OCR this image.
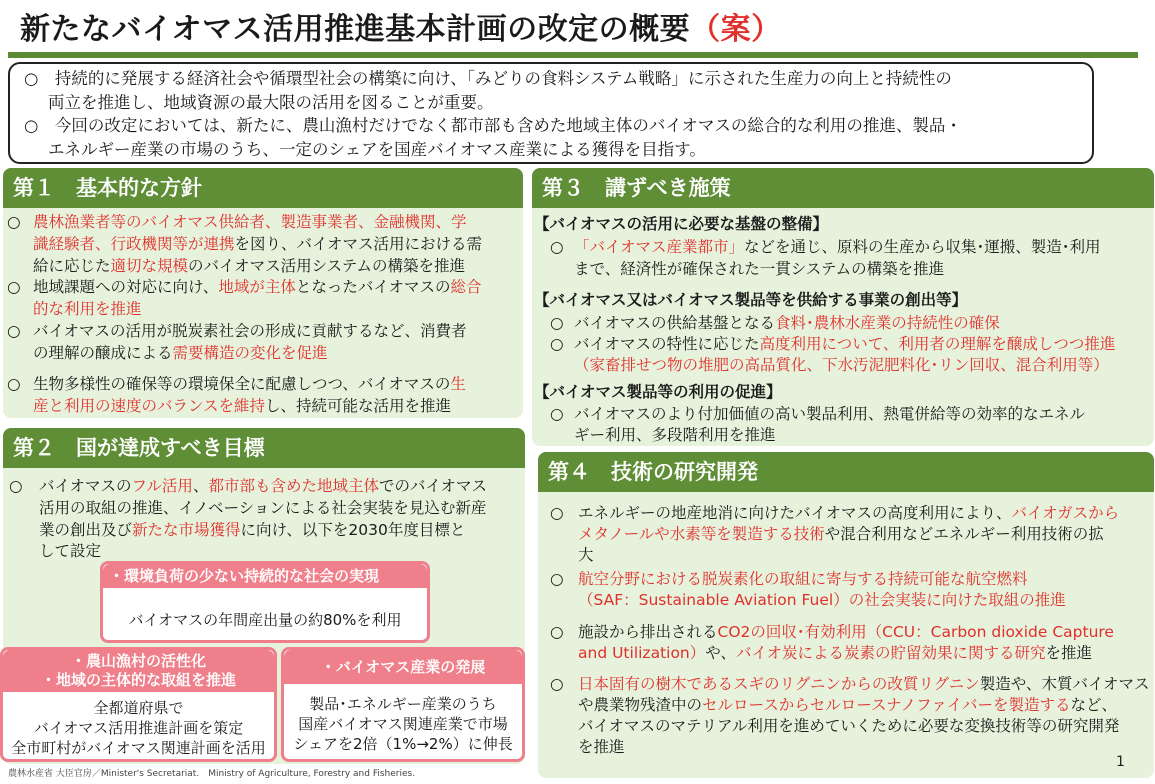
新たなバイオマス活用推進基本計画の改定の概要（案）

○　持続的に発展する経済社会や循環型社会の構築に向け、「みどりの食料システム戦略」に示された生産力の向上と持続性の

両立を推進し、地域資源の最大限の活用を図ることが重要。

○　今回の改定においては、新たに、農山漁村だけでなく都市部も含めた地域主体のバイオマスの総合的な利用の推進、製品・

エネルギー産業の市場のうち、一定のシェアを国産バイオマス産業による獲得を目指す。

第１　基本的な方針
○ 農林漁業者等のバイオマス供給者、製造事業者、金融機関、学
識経験者、行政機関等が連携を図り、バイオマス活用における需
給に応じた適切な規模のバイオマス活用システムの構築を推進
○ 地域課題への対応に向け、地域が主体となったバイオマスの総合
的な利用を推進
○ バイオマスの活用が脱炭素社会の形成に貢献するなど、消費者
の理解の醸成による需要構造の変化を促進
○ 生物多様性の確保等の環境保全に配慮しつつ、バイオマスの生
産と利用の速度のバランスを維持し、持続可能な活用を推進
第２　国が達成すべき目標
○ バイオマスのフル活用、都市部も含めた地域主体でのバイオマス
活用の取組の推進、イノベーションによる社会実装を見込む新産
業の創出及び新たな市場獲得に向け、以下を2030年度目標と
して設定
・環境負荷の少ない持続的な社会の実現
バイオマスの年間産出量の約80%を利用
・農山漁村の活性化
・地域の主体的な取組を推進
全都道府県で
バイオマス活用推進計画を策定
全市町村がバイオマス関連計画を活用
・バイオマス産業の発展
製品･エネルギー産業のうち
国産バイオマス関連産業で市場
シェアを2倍（1%→2%）に伸長
第３　講ずべき施策
【バイオマスの活用に必要な基盤の整備】
○ 「バイオマス産業都市」などを通じ、原料の生産から収集･運搬、製造･利用
まで、経済性が確保された一貫システムの構築を推進
【バイオマス又はバイオマス製品等を供給する事業の創出等】
○ バイオマスの供給基盤となる食料･農林水産業の持続性の確保
○ バイオマスの特性に応じた高度利用について、利用者の理解を醸成しつつ推進
（家畜排せつ物の堆肥の高品質化、下水汚泥肥料化･リン回収、混合利用等）
【バイオマス製品等の利用の促進】
○ バイオマスのより付加価値の高い製品利用、熱電併給等の効率的なエネル
ギー利用、多段階利用を推進
第４　技術の研究開発
○ エネルギーの地産地消に向けたバイオマスの高度利用により、バイオガスから
メタノールや水素等を製造する技術や混合利用などエネルギー利用技術の拡
大
○ 航空分野における脱炭素化の取組に寄与する持続可能な航空燃料
（SAF：Sustainable Aviation Fuel）の社会実装に向けた取組の推進
○ 施設から排出されるCO2の回収･有効利用（CCU：Carbon dioxide Capture
and Utilization）や、バイオ炭による炭素の貯留効果に関する研究を推進
○ 日本固有の樹木であるスギのリグニンからの改質リグニン製造や、木質バイオマス
や農業物残渣中のセルロースからセルロースナノファイバーを製造するなど、
バイオマスのマテリアル利用を進めていくために必要な変換技術等の研究開発
を推進
農林水産省 大臣官房／Minister's Secretariat.　Ministry of Agriculture, Forestry and Fisheries.
1
